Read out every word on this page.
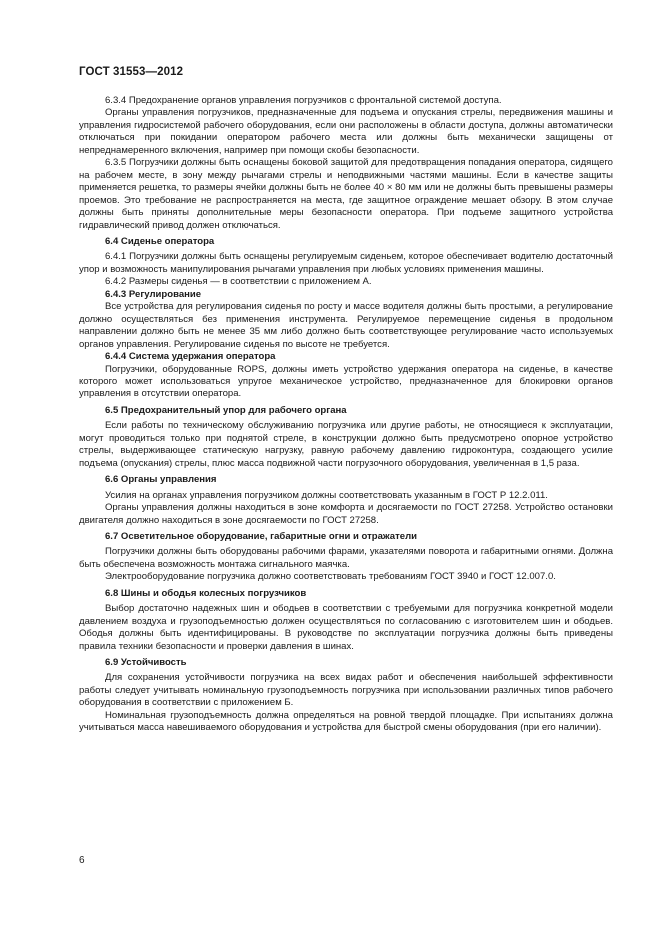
ГОСТ 31553—2012

6.3.4 Предохранение органов управления погрузчиков с фронтальной системой доступа.

Органы управления погрузчиков, предназначенные для подъема и опускания стрелы, передвижения машины и управления гидросистемой рабочего оборудования, если они расположены в области доступа, должны автоматически отключаться при покидании оператором рабочего места или должны быть механически защищены от непреднамеренного включения, например при помощи скобы безопасности.

6.3.5 Погрузчики должны быть оснащены боковой защитой для предотвращения попадания оператора, сидящего на рабочем месте, в зону между рычагами стрелы и неподвижными частями машины. Если в качестве защиты применяется решетка, то размеры ячейки должны быть не более 40 × 80 мм или не должны быть превышены размеры проемов. Это требование не распространяется на места, где защитное ограждение мешает обзору. В этом случае должны быть приняты дополнительные меры безопасности оператора. При подъеме защитного устройства гидравлический привод должен отключаться.

6.4 Сиденье оператора

6.4.1 Погрузчики должны быть оснащены регулируемым сиденьем, которое обеспечивает водителю достаточный упор и возможность манипулирования рычагами управления при любых условиях применения машины.

6.4.2 Размеры сиденья — в соответствии с приложением А.

6.4.3 Регулирование

Все устройства для регулирования сиденья по росту и массе водителя должны быть простыми, а регулирование должно осуществляться без применения инструмента. Регулируемое перемещение сиденья в продольном направлении должно быть не менее 35 мм либо должно быть соответствующее регулирование часто используемых органов управления. Регулирование сиденья по высоте не требуется.

6.4.4 Система удержания оператора

Погрузчики, оборудованные ROPS, должны иметь устройство удержания оператора на сиденье, в качестве которого может использоваться упругое механическое устройство, предназначенное для блокировки органов управления в отсутствии оператора.

6.5 Предохранительный упор для рабочего органа

Если работы по техническому обслуживанию погрузчика или другие работы, не относящиеся к эксплуатации, могут проводиться только при поднятой стреле, в конструкции должно быть предусмотрено опорное устройство стрелы, выдерживающее статическую нагрузку, равную рабочему давлению гидроконтура, создающего усилие подъема (опускания) стрелы, плюс масса подвижной части погрузочного оборудования, увеличенная в 1,5 раза.

6.6 Органы управления

Усилия на органах управления погрузчиком должны соответствовать указанным в ГОСТ Р 12.2.011.

Органы управления должны находиться в зоне комфорта и досягаемости по ГОСТ 27258. Устройство остановки двигателя должно находиться в зоне досягаемости по ГОСТ 27258.

6.7 Осветительное оборудование, габаритные огни и отражатели

Погрузчики должны быть оборудованы рабочими фарами, указателями поворота и габаритными огнями. Должна быть обеспечена возможность монтажа сигнального маячка.

Электрооборудование погрузчика должно соответствовать требованиям ГОСТ 3940 и ГОСТ 12.007.0.

6.8 Шины и ободья колесных погрузчиков

Выбор достаточно надежных шин и ободьев в соответствии с требуемыми для погрузчика конкретной модели давлением воздуха и грузоподъемностью должен осуществляться по согласованию с изготовителем шин и ободьев. Ободья должны быть идентифицированы. В руководстве по эксплуатации погрузчика должны быть приведены правила техники безопасности и проверки давления в шинах.

6.9 Устойчивость

Для сохранения устойчивости погрузчика на всех видах работ и обеспечения наибольшей эффективности работы следует учитывать номинальную грузоподъемность погрузчика при использовании различных типов рабочего оборудования в соответствии с приложением Б.

Номинальная грузоподъемность должна определяться на ровной твердой площадке. При испытаниях должна учитываться масса навешиваемого оборудования и устройства для быстрой смены оборудования (при его наличии).

6
